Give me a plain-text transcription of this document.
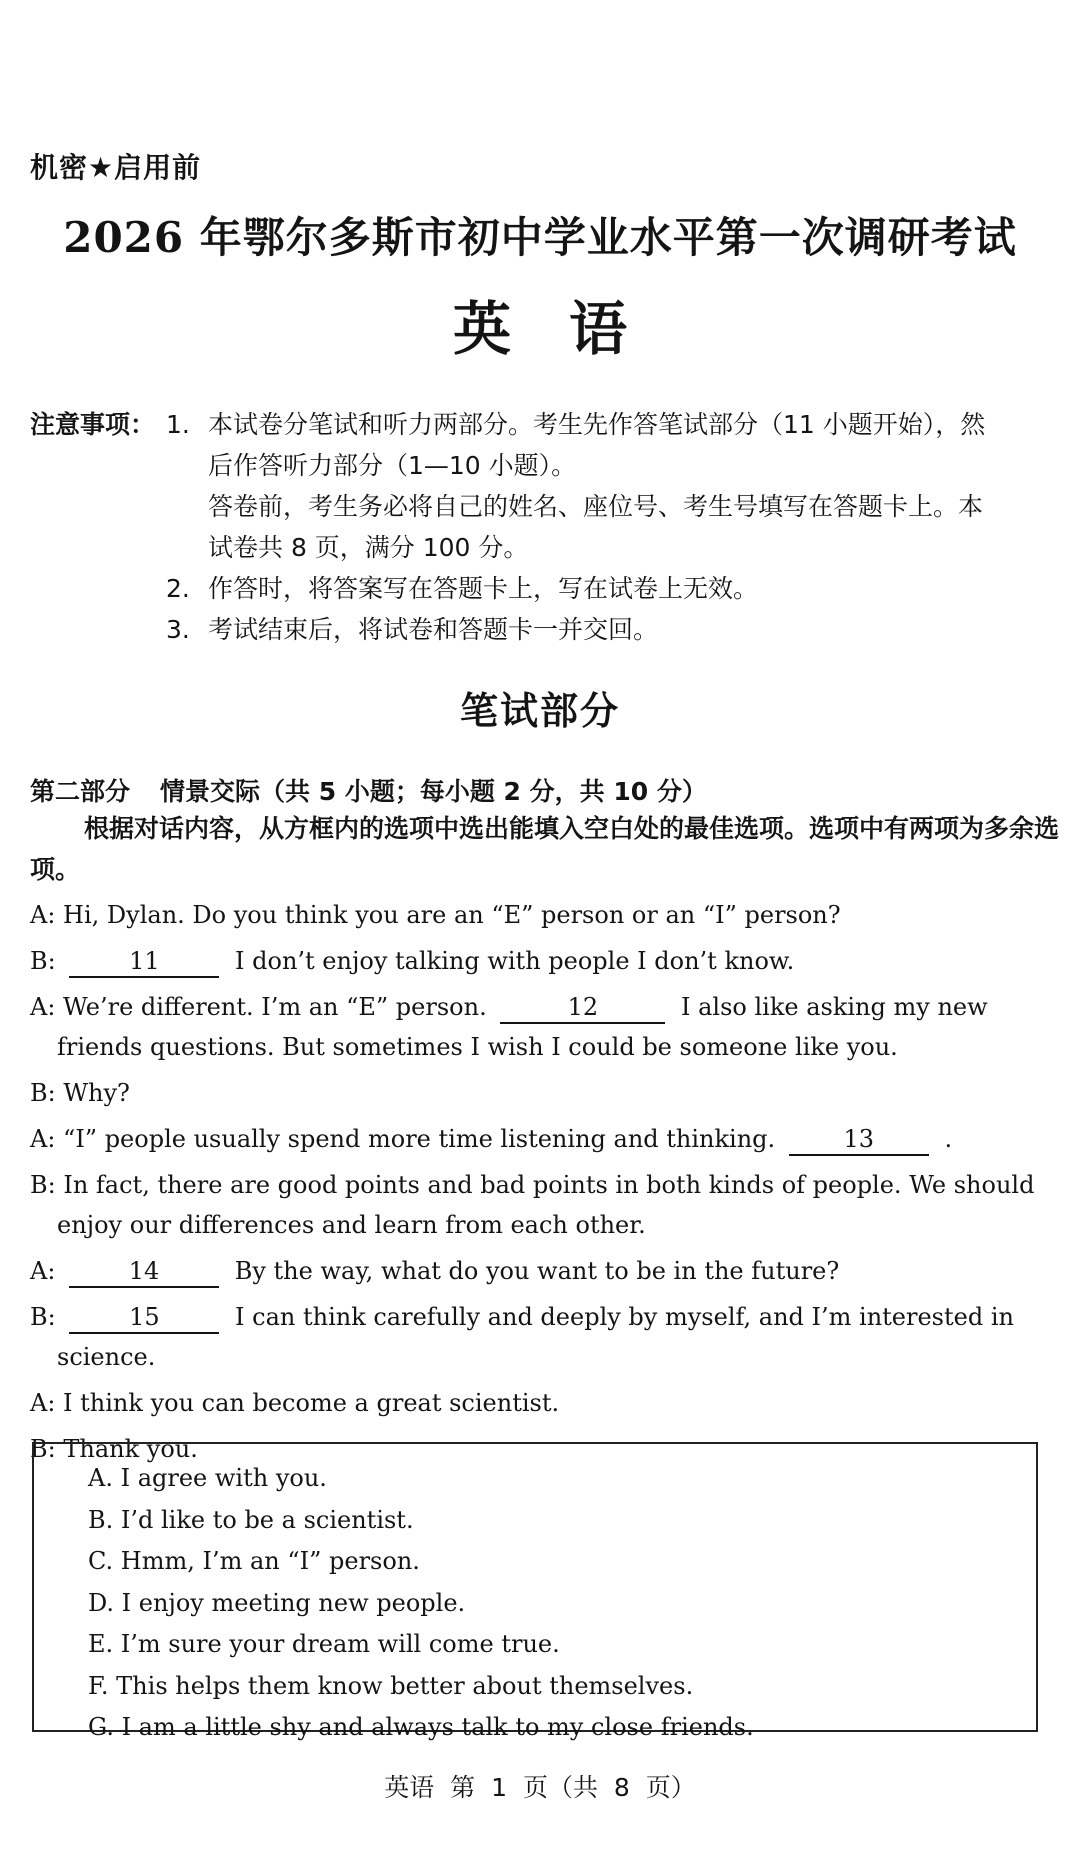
机密★启用前
2026 年鄂尔多斯市初中学业水平第一次调研考试
英语
注意事项： 1. 本试卷分笔试和听力两部分。考生先作答笔试部分（11 小题开始），然
后作答听力部分（1—10 小题）。
答卷前，考生务必将自己的姓名、座位号、考生号填写在答题卡上。本
试卷共 8 页，满分 100 分。
2. 作答时，将答案写在答题卡上，写在试卷上无效。
3. 考试结束后，将试卷和答题卡一并交回。
笔试部分
第二部分 情景交际（共 5 小题；每小题 2 分，共 10 分）
根据对话内容，从方框内的选项中选出能填入空白处的最佳选项。选项中有两项为多余选项。
A: Hi, Dylan. Do you think you are an “E” person or an “I” person?
B:	11	I don’t enjoy talking with people I don’t know.
A: We’re different. I’m an “E” person.	12	I also like asking my new friends questions. But sometimes I wish I could be someone like you.
B: Why?
A: “I” people usually spend more time listening and thinking.	13	.
B: In fact, there are good points and bad points in both kinds of people. We should enjoy our differences and learn from each other.
A:	14	By the way, what do you want to be in the future?
B:	15	I can think carefully and deeply by myself, and I’m interested in science.
A: I think you can become a great scientist.
B: Thank you.
A. I agree with you.
B. I’d like to be a scientist.
C. Hmm, I’m an “I” person.
D. I enjoy meeting new people.
E. I’m sure your dream will come true.
F. This helps them know better about themselves.
G. I am a little shy and always talk to my close friends.
英语 第 1 页（共 8 页）
